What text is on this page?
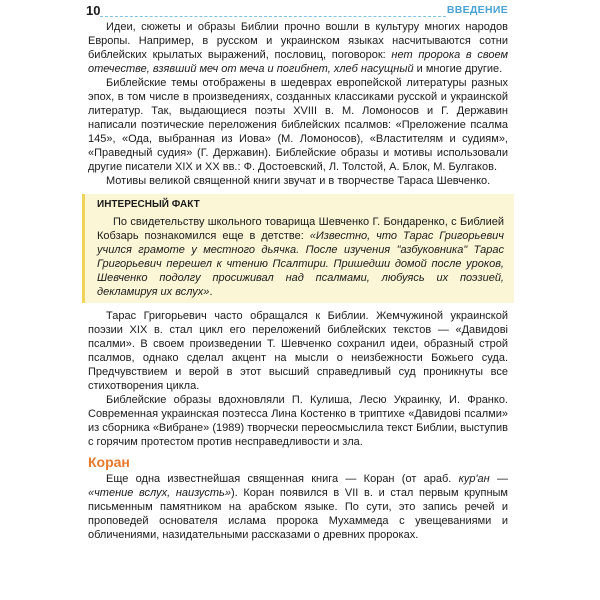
10	ВВЕДЕНИЕ

Идеи, сюжеты и образы Библии прочно вошли в культуру многих народов Европы. Например, в русском и украинском языках насчитываются сотни библейских крылатых выражений, пословиц, поговорок: нет пророка в своем отечестве, взявший меч от меча и погибнет, хлеб насущный и многие другие.

Библейские темы отображены в шедеврах европейской литературы разных эпох, в том числе в произведениях, созданных классиками русской и украинской литератур. Так, выдающиеся поэты XVIII в. М. Ломоносов и Г. Державин написали поэтические переложения библейских псалмов: «Преложение псалма 145», «Ода, выбранная из Иова» (М. Ломоносов), «Властителям и судиям», «Праведный судия» (Г. Державин). Библейские образы и мотивы использовали другие писатели XIX и XX вв.: Ф. Достоевский, Л. Толстой, А. Блок, М. Булгаков.

Мотивы великой священной книги звучат и в творчестве Тараса Шевченко.

ИНТЕРЕСНЫЙ ФАКТ

По свидетельству школьного товарища Шевченко Г. Бондаренко, с Библией Кобзарь познакомился еще в детстве: «Известно, что Тарас Григорьевич учился грамоте у местного дьячка. После изучения "азбуковника" Тарас Григорьевич перешел к чтению Псалтири. Пришедши домой после уроков, Шевченко подолгу просиживал над псалмами, любуясь их поэзией, декламируя их вслух».

Тарас Григорьевич часто обращался к Библии. Жемчужиной украинской поэзии XIX в. стал цикл его переложений библейских текстов — «Давидові псалми». В своем произведении Т. Шевченко сохранил идеи, образный строй псалмов, однако сделал акцент на мысли о неизбежности Божьего суда. Предчувствием и верой в этот высший справедливый суд проникнуты все стихотворения цикла.

Библейские образы вдохновляли П. Кулиша, Лесю Украинку, И. Франко. Современная украинская поэтесса Лина Костенко в триптихе «Давидові псалми» из сборника «Вибране» (1989) творчески переосмыслила текст Библии, выступив с горячим протестом против несправедливости и зла.

Коран

Еще одна известнейшая священная книга — Коран (от араб. кур'ан — «чтение вслух, наизусть»). Коран появился в VII в. и стал первым крупным письменным памятником на арабском языке. По сути, это запись речей и проповедей основателя ислама пророка Мухаммеда с увещеваниями и обличениями, назидательными рассказами о древних пророках.
